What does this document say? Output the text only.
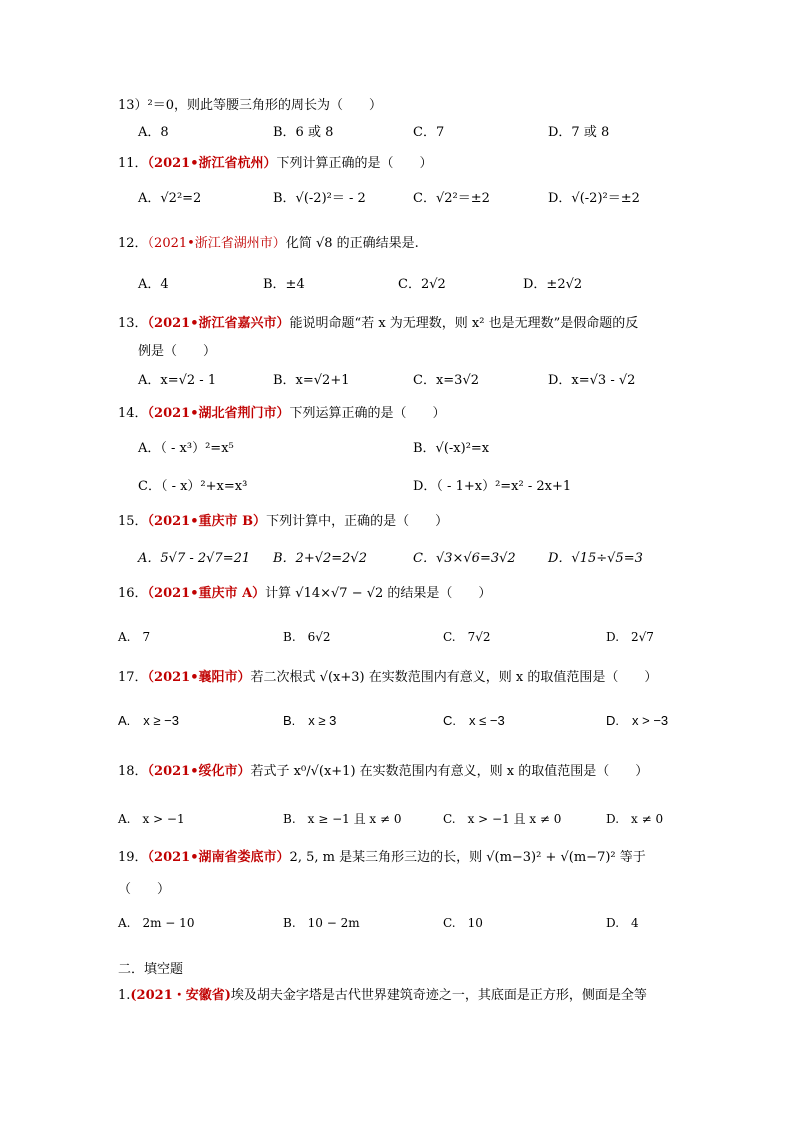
13）²＝0，则此等腰三角形的周长为（　　）
A．8	B．6 或 8	C．7	D．7 或 8
11．（2021•浙江省杭州）下列计算正确的是（　　）
A．√2²=2	B．√(-2)²＝ - 2	C．√2²＝±2	D．√(-2)²＝±2
12．（2021•浙江省湖州市）化简 √8 的正确结果是.
A．4	B．±4	C．2√2	D．±2√2
13．（2021•浙江省嘉兴市）能说明命题“若 x 为无理数，则 x² 也是无理数”是假命题的反
例是（　　）
A．x=√2 - 1	B．x=√2+1	C．x=3√2	D．x=√3 - √2
14．（2021•湖北省荆门市）下列运算正确的是（　　）
A．（ - x³）²=x⁵	B．√(-x)²=x
C．（ - x）²+x=x³	D．（ - 1+x）²=x² - 2x+1
15．（2021•重庆市 B）下列计算中，正确的是（　　）
A．5√7 - 2√7=21 B．2+√2=2√2	C．√3×√6=3√2 D．√15÷√5=3
16．（2021•重庆市 A）计算 √14×√7 − √2 的结果是（　　）
A.　7	B.　6√2	C.　7√2	D.　2√7
17．（2021•襄阳市）若二次根式 √(x+3) 在实数范围内有意义，则 x 的取值范围是（　　）
A.　x ≥ −3	B.　x ≥ 3	C.　x ≤ −3	D.　x > −3
18．（2021•绥化市）若式子 x⁰/√(x+1) 在实数范围内有意义，则 x 的取值范围是（　　）
A.　x > −1	B.　x ≥ −1 且 x ≠ 0	C.　x > −1 且 x ≠ 0	D.　x ≠ 0
19．（2021•湖南省娄底市）2, 5, m 是某三角形三边的长，则 √(m−3)² + √(m−7)² 等于
（　　）
A.　2m − 10	B.　10 − 2m	C.　10	D.　4
二．填空题
1.(2021・安徽省)埃及胡夫金字塔是古代世界建筑奇迹之一，其底面是正方形，侧面是全等
